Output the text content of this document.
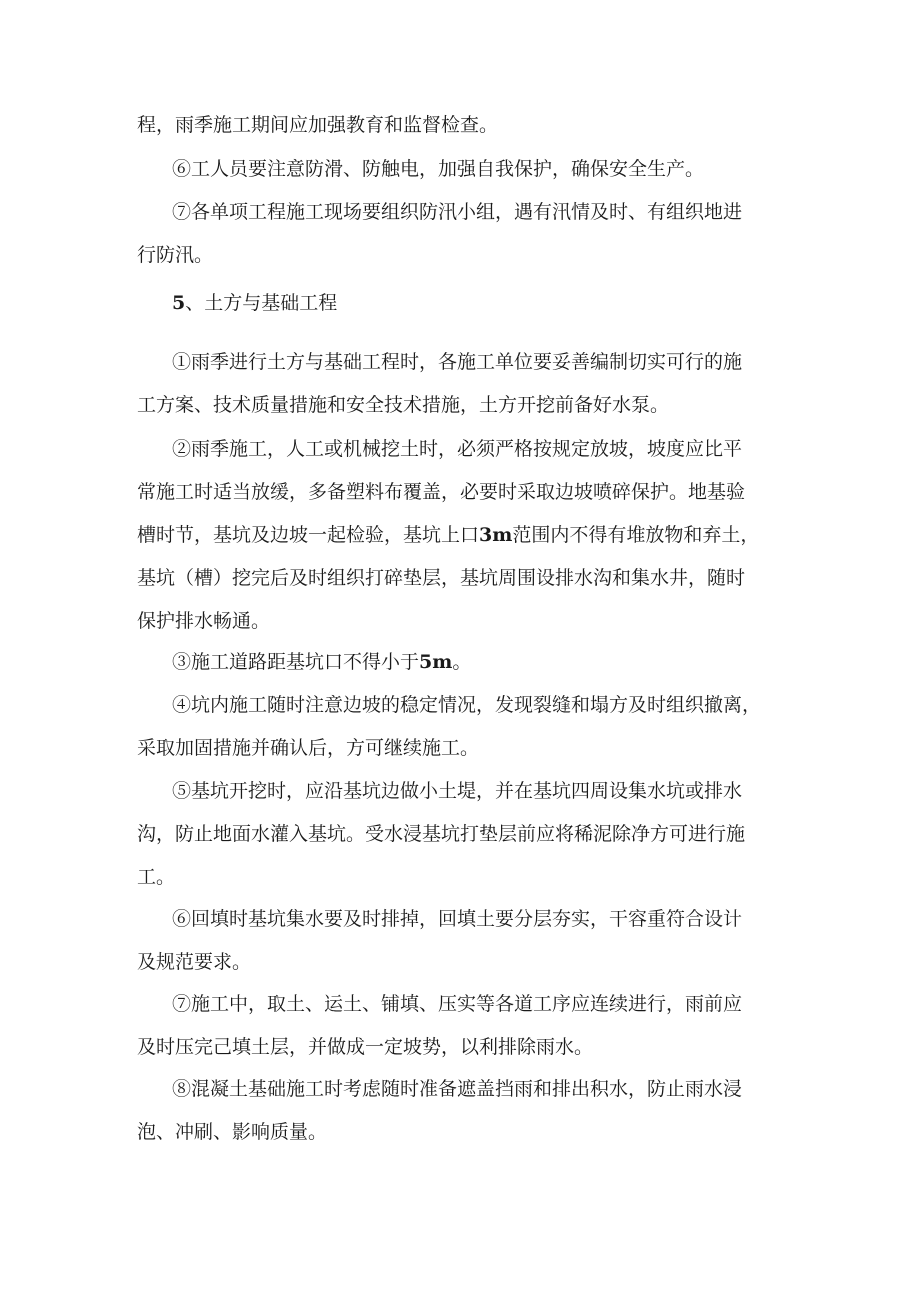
程，雨季施工期间应加强教育和监督检查。
⑥工人员要注意防滑、防触电，加强自我保护，确保安全生产。
⑦各单项工程施工现场要组织防汛小组，遇有汛情及时、有组织地进
行防汛。
5、土方与基础工程
①雨季进行土方与基础工程时，各施工单位要妥善编制切实可行的施
工方案、技术质量措施和安全技术措施，土方开挖前备好水泵。
②雨季施工，人工或机械挖土时，必须严格按规定放坡，坡度应比平
常施工时适当放缓，多备塑料布覆盖，必要时采取边坡喷碎保护。地基验
槽时节，基坑及边坡一起检验，基坑上口3m范围内不得有堆放物和弃土，
基坑（槽）挖完后及时组织打碎垫层，基坑周围设排水沟和集水井，随时
保护排水畅通。
③施工道路距基坑口不得小于5m。
④坑内施工随时注意边坡的稳定情况，发现裂缝和塌方及时组织撤离，
采取加固措施并确认后，方可继续施工。
⑤基坑开挖时，应沿基坑边做小土堤，并在基坑四周设集水坑或排水
沟，防止地面水灌入基坑。受水浸基坑打垫层前应将稀泥除净方可进行施
工。
⑥回填时基坑集水要及时排掉，回填土要分层夯实，干容重符合设计
及规范要求。
⑦施工中，取土、运土、铺填、压实等各道工序应连续进行，雨前应
及时压完己填土层，并做成一定坡势，以利排除雨水。
⑧混凝土基础施工时考虑随时准备遮盖挡雨和排出积水，防止雨水浸
泡、冲刷、影响质量。
